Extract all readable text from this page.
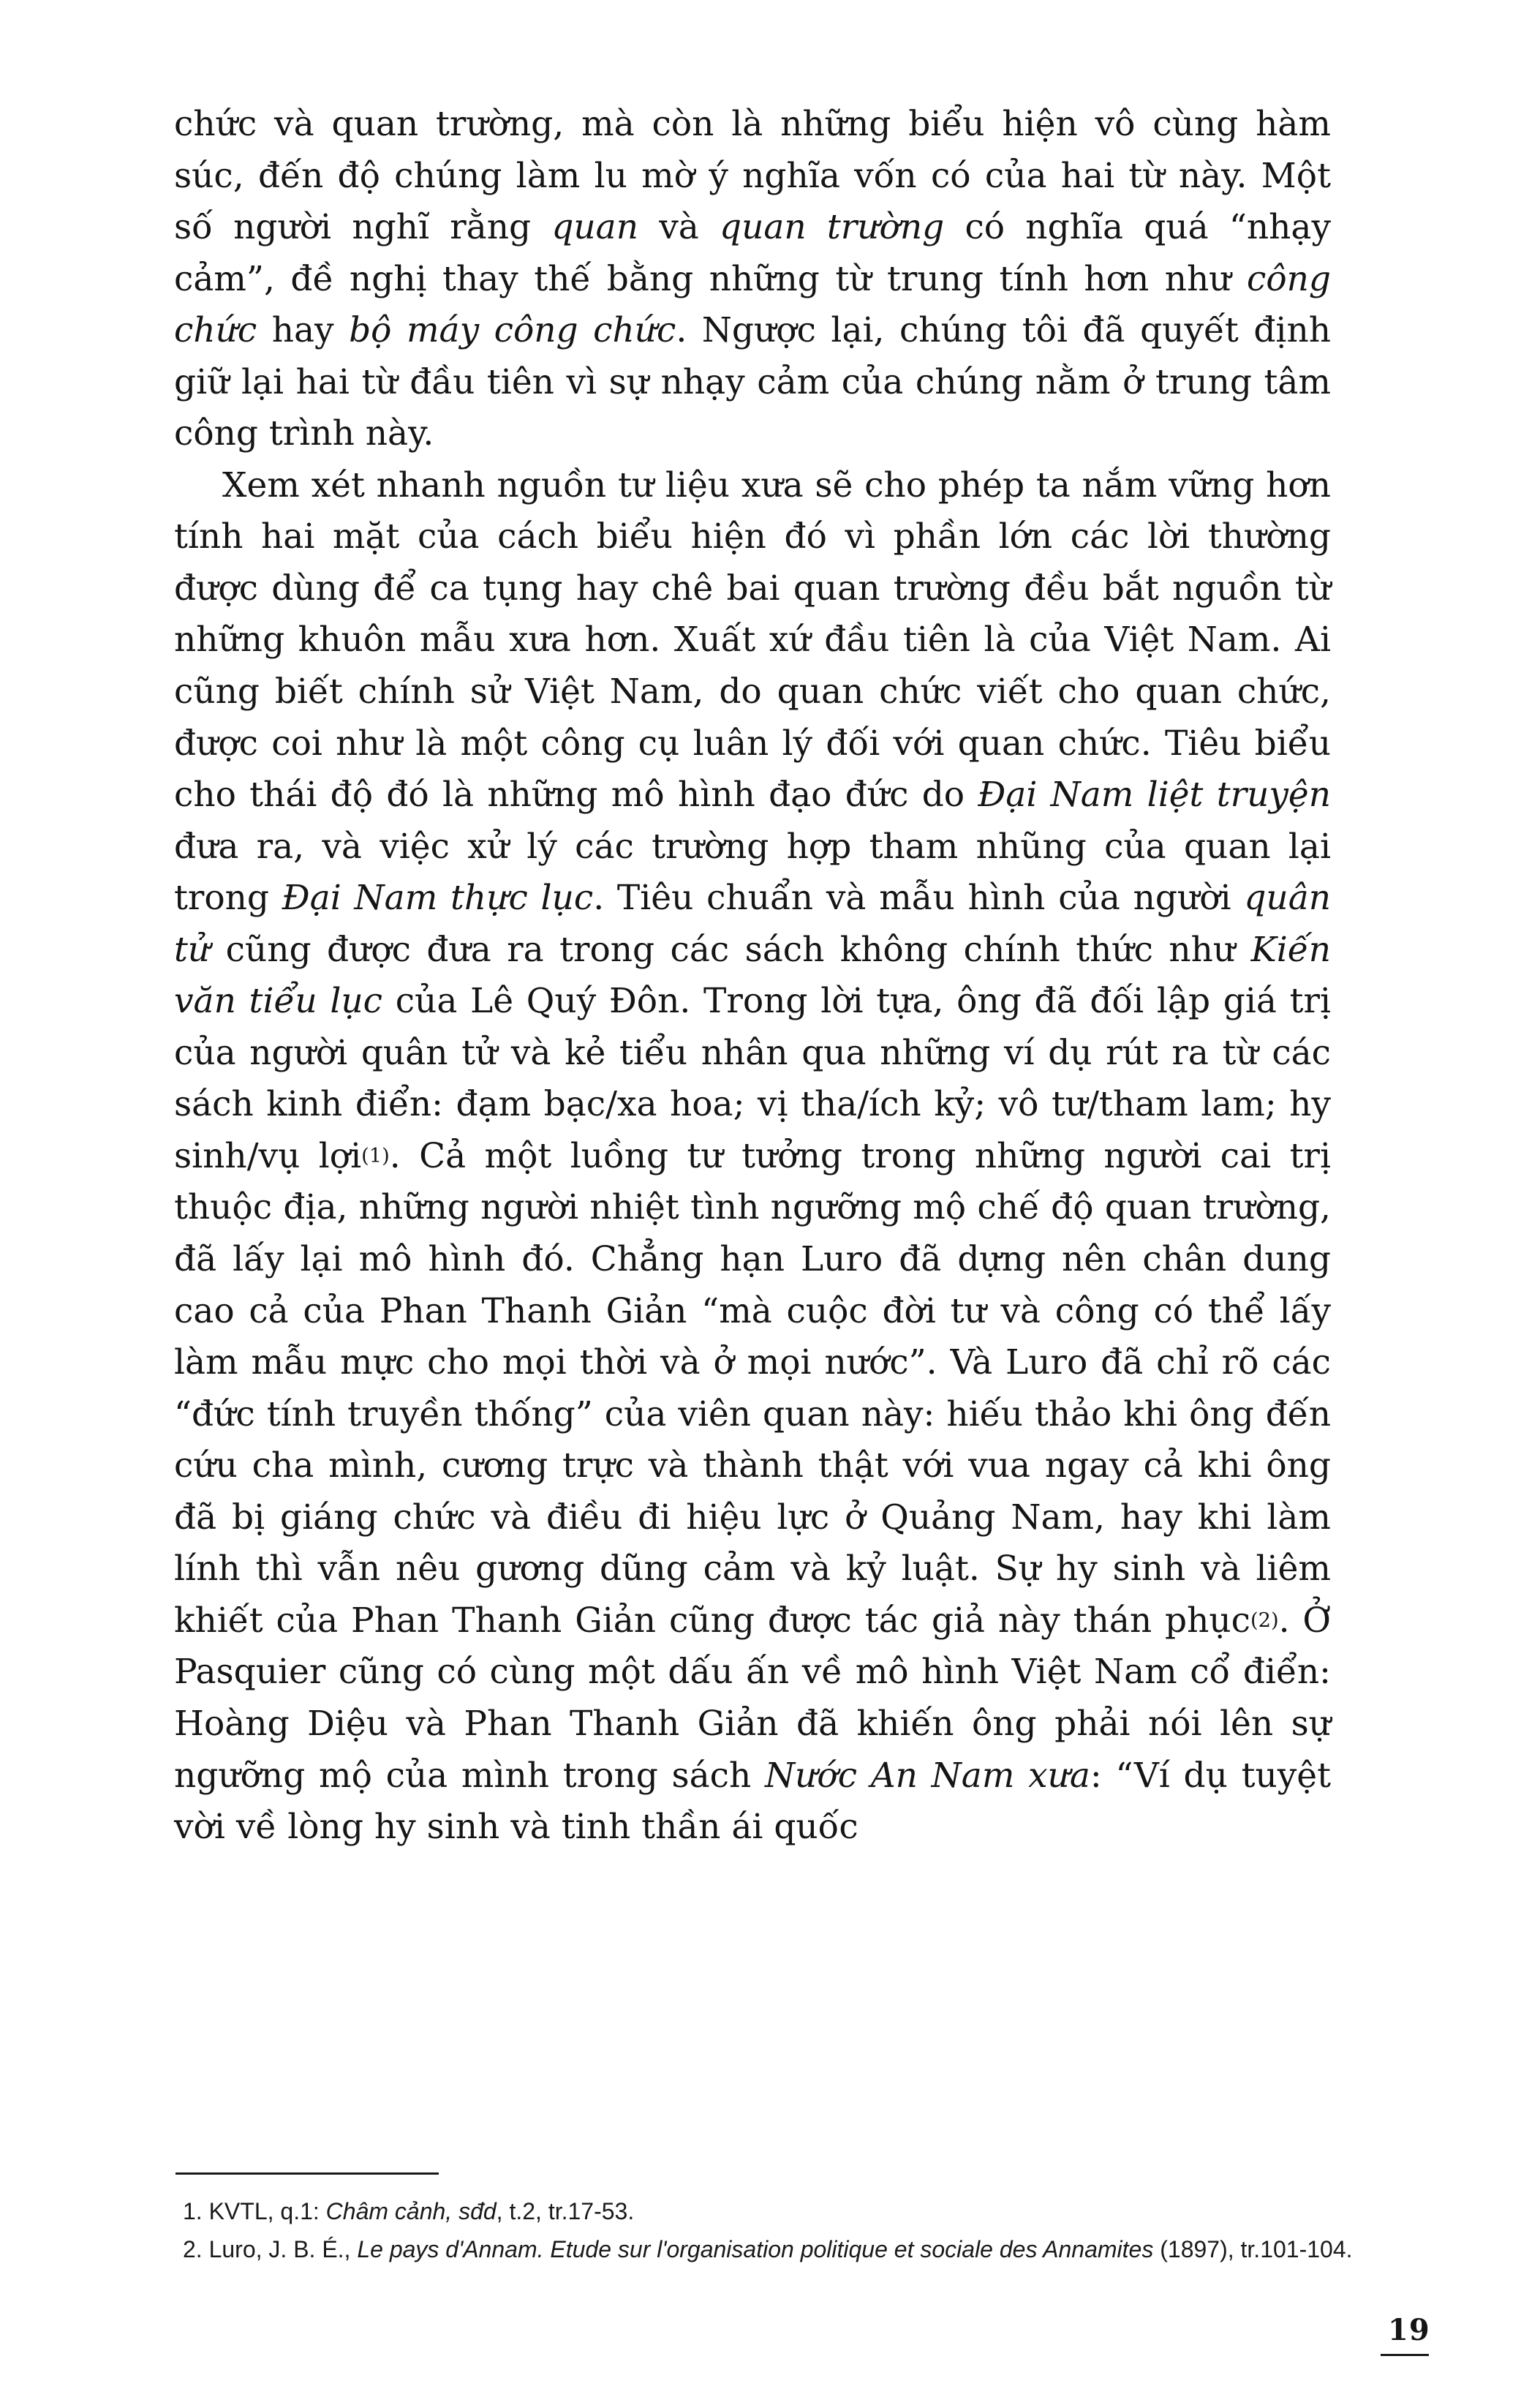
chức và quan trường, mà còn là những biểu hiện vô cùng hàm súc, đến độ chúng làm lu mờ ý nghĩa vốn có của hai từ này. Một số người nghĩ rằng quan và quan trường có nghĩa quá “nhạy cảm”, đề nghị thay thế bằng những từ trung tính hơn như công chức hay bộ máy công chức. Ngược lại, chúng tôi đã quyết định giữ lại hai từ đầu tiên vì sự nhạy cảm của chúng nằm ở trung tâm công trình này.

Xem xét nhanh nguồn tư liệu xưa sẽ cho phép ta nắm vững hơn tính hai mặt của cách biểu hiện đó vì phần lớn các lời thường được dùng để ca tụng hay chê bai quan trường đều bắt nguồn từ những khuôn mẫu xưa hơn. Xuất xứ đầu tiên là của Việt Nam. Ai cũng biết chính sử Việt Nam, do quan chức viết cho quan chức, được coi như là một công cụ luân lý đối với quan chức. Tiêu biểu cho thái độ đó là những mô hình đạo đức do Đại Nam liệt truyện đưa ra, và việc xử lý các trường hợp tham nhũng của quan lại trong Đại Nam thực lục. Tiêu chuẩn và mẫu hình của người quân tử cũng được đưa ra trong các sách không chính thức như Kiến văn tiểu lục của Lê Quý Đôn. Trong lời tựa, ông đã đối lập giá trị của người quân tử và kẻ tiểu nhân qua những ví dụ rút ra từ các sách kinh điển: đạm bạc/xa hoa; vị tha/ích kỷ; vô tư/tham lam; hy sinh/vụ lợi$^{(1)}$. Cả một luồng tư tưởng trong những người cai trị thuộc địa, những người nhiệt tình ngưỡng mộ chế độ quan trường, đã lấy lại mô hình đó. Chẳng hạn Luro đã dựng nên chân dung cao cả của Phan Thanh Giản “mà cuộc đời tư và công có thể lấy làm mẫu mực cho mọi thời và ở mọi nước”. Và Luro đã chỉ rõ các “đức tính truyền thống” của viên quan này: hiếu thảo khi ông đến cứu cha mình, cương trực và thành thật với vua ngay cả khi ông đã bị giáng chức và điều đi hiệu lực ở Quảng Nam, hay khi làm lính thì vẫn nêu gương dũng cảm và kỷ luật. Sự hy sinh và liêm khiết của Phan Thanh Giản cũng được tác giả này thán phục$^{(2)}$. Ở Pasquier cũng có cùng một dấu ấn về mô hình Việt Nam cổ điển: Hoàng Diệu và Phan Thanh Giản đã khiến ông phải nói lên sự ngưỡng mộ của mình trong sách Nước An Nam xưa: “Ví dụ tuyệt vời về lòng hy sinh và tinh thần ái quốc

1. KVTL, q.1: Châm cảnh, sđd, t.2, tr.17-53.

2. Luro, J. B. É., Le pays d'Annam. Etude sur l'organisation politique et sociale des Annamites (1897), tr.101-104.

19
